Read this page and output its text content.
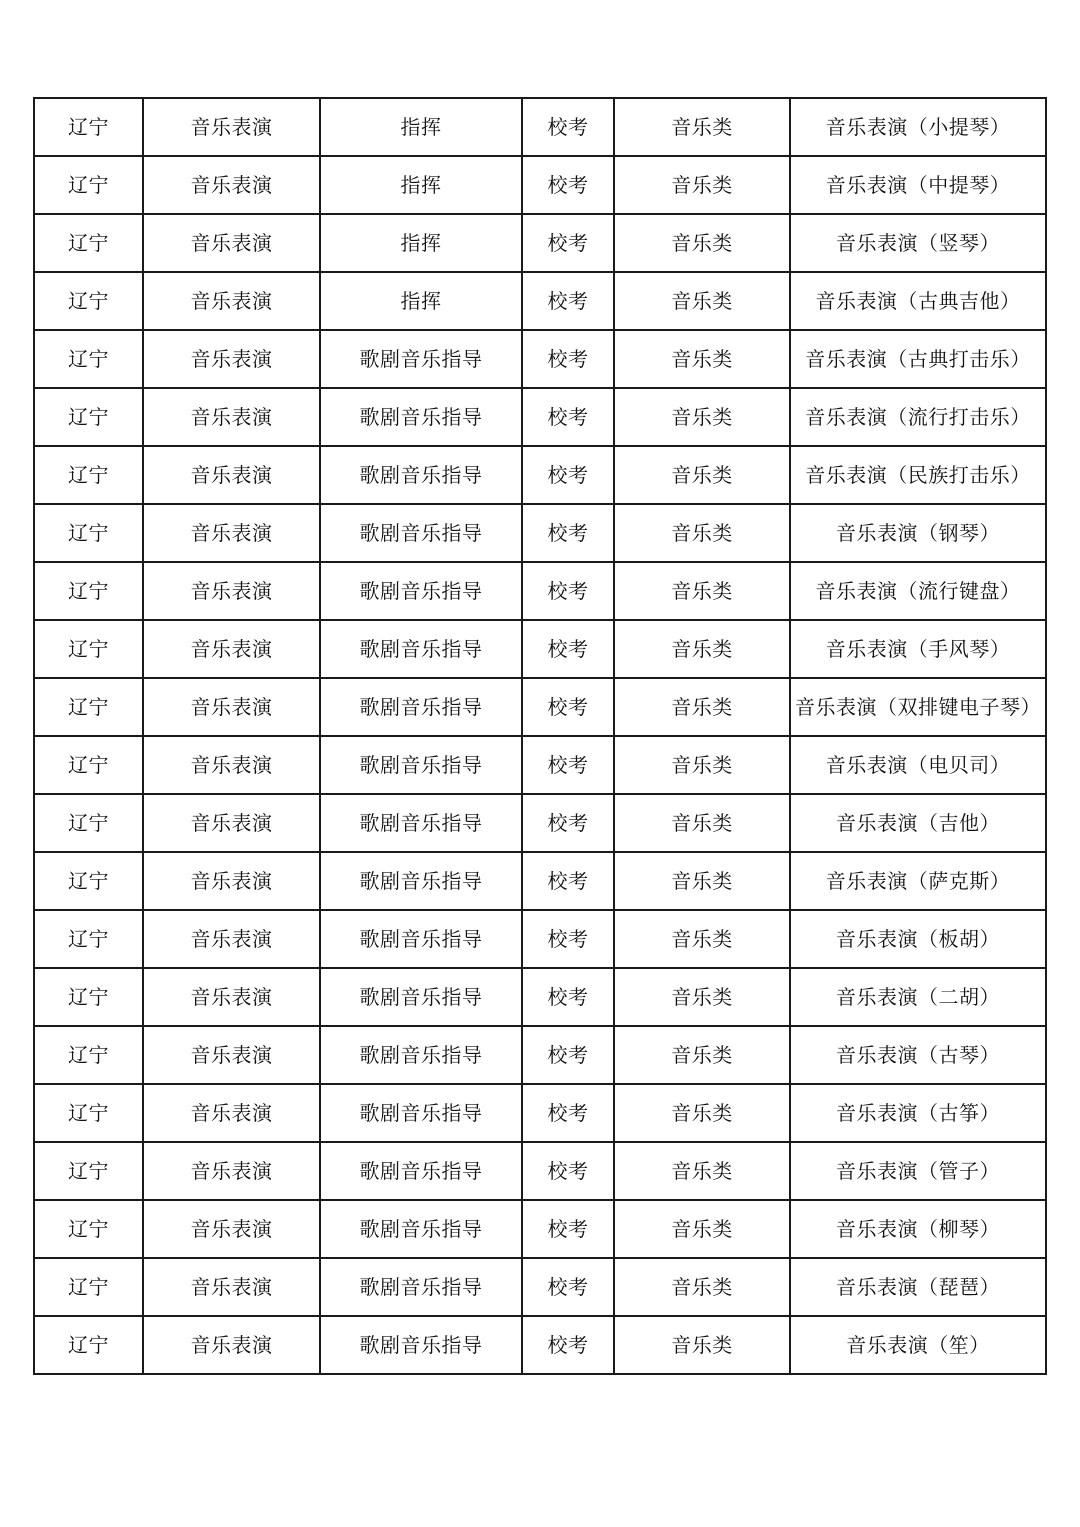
辽宁	音乐表演	指挥	校考	音乐类	音乐表演（小提琴）
辽宁	音乐表演	指挥	校考	音乐类	音乐表演（中提琴）
辽宁	音乐表演	指挥	校考	音乐类	音乐表演（竖琴）
辽宁	音乐表演	指挥	校考	音乐类	音乐表演（古典吉他）
辽宁	音乐表演	歌剧音乐指导	校考	音乐类	音乐表演（古典打击乐）
辽宁	音乐表演	歌剧音乐指导	校考	音乐类	音乐表演（流行打击乐）
辽宁	音乐表演	歌剧音乐指导	校考	音乐类	音乐表演（民族打击乐）
辽宁	音乐表演	歌剧音乐指导	校考	音乐类	音乐表演（钢琴）
辽宁	音乐表演	歌剧音乐指导	校考	音乐类	音乐表演（流行键盘）
辽宁	音乐表演	歌剧音乐指导	校考	音乐类	音乐表演（手风琴）
辽宁	音乐表演	歌剧音乐指导	校考	音乐类	音乐表演（双排键电子琴）
辽宁	音乐表演	歌剧音乐指导	校考	音乐类	音乐表演（电贝司）
辽宁	音乐表演	歌剧音乐指导	校考	音乐类	音乐表演（吉他）
辽宁	音乐表演	歌剧音乐指导	校考	音乐类	音乐表演（萨克斯）
辽宁	音乐表演	歌剧音乐指导	校考	音乐类	音乐表演（板胡）
辽宁	音乐表演	歌剧音乐指导	校考	音乐类	音乐表演（二胡）
辽宁	音乐表演	歌剧音乐指导	校考	音乐类	音乐表演（古琴）
辽宁	音乐表演	歌剧音乐指导	校考	音乐类	音乐表演（古筝）
辽宁	音乐表演	歌剧音乐指导	校考	音乐类	音乐表演（管子）
辽宁	音乐表演	歌剧音乐指导	校考	音乐类	音乐表演（柳琴）
辽宁	音乐表演	歌剧音乐指导	校考	音乐类	音乐表演（琵琶）
辽宁	音乐表演	歌剧音乐指导	校考	音乐类	音乐表演（笙）
